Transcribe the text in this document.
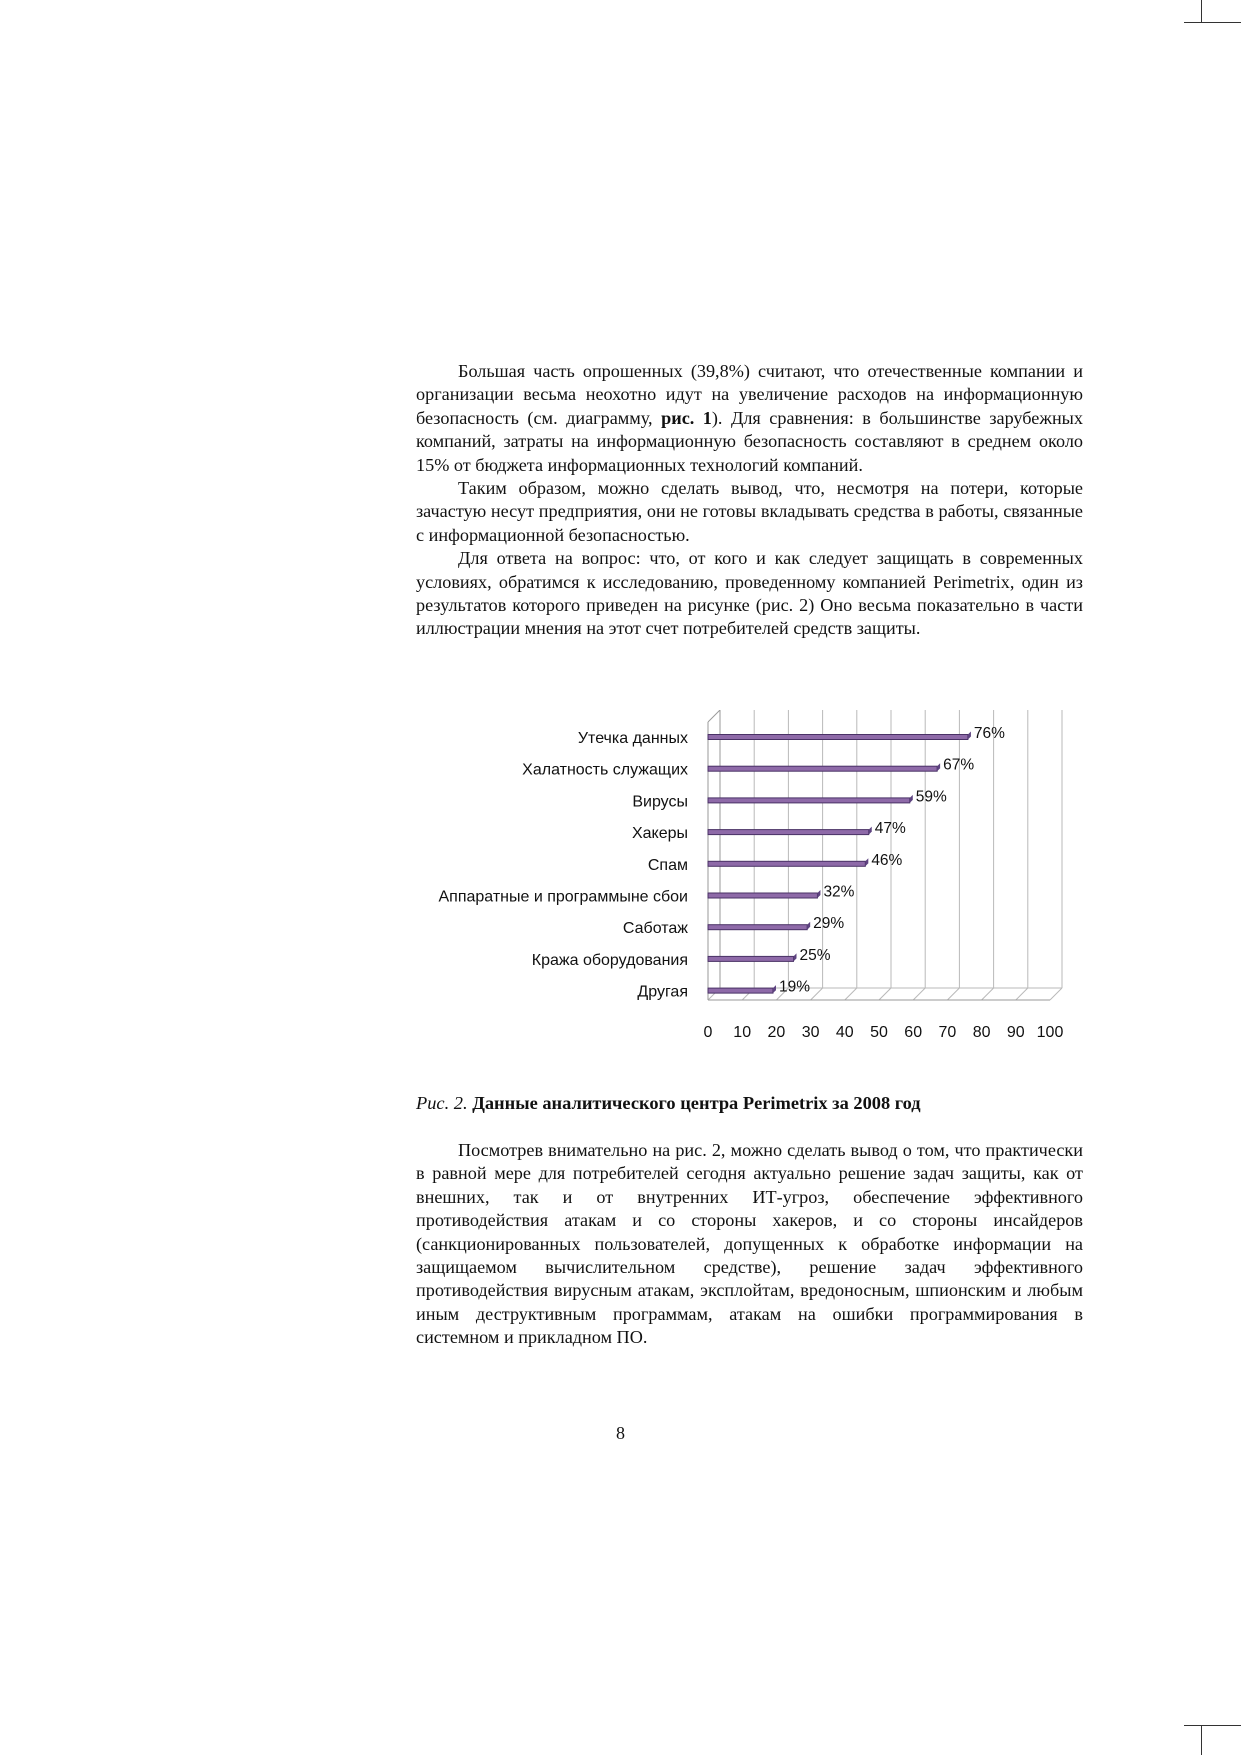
Большая часть опрошенных (39,8%) считают, что отечественные компании и организации весьма неохотно идут на увеличение расходов на информационную безопасность (см. диаграмму, рис. 1). Для сравнения: в большинстве зарубежных компаний, затраты на информационную безопасность составляют в среднем около 15% от бюджета информационных технологий компаний.

Таким образом, можно сделать вывод, что, несмотря на потери, которые зачастую несут предприятия, они не готовы вкладывать средства в работы, связанные с информационной безопасностью.

Для ответа на вопрос: что, от кого и как следует защищать в современных условиях, обратимся к исследованию, проведенному компанией Perimetrix, один из результатов которого приведен на рисунке (рис. 2) Оно весьма показательно в части иллюстрации мнения на этот счет потребителей средств защиты.

Утечка данных	76%
Халатность служащих	67%
Вирусы	59%
Хакеры	47%
Спам	46%
Аппаратные и программыне сбои	32%
Саботаж	29%
Кража оборудования	25%
Другая	19%
0 10 20 30 40 50 60 70 80 90 100
Рис. 2. Данные аналитического центра Perimetrix за 2008 год

Посмотрев внимательно на рис. 2, можно сделать вывод о том, что практически в равной мере для потребителей сегодня актуально решение задач защиты, как от внешних, так и от внутренних ИТ-угроз, обеспечение эффективного противодействия атакам и со стороны хакеров, и со стороны инсайдеров (санкционированных пользователей, допущенных к обработке информации на защищаемом вычислительном средстве), решение задач эффективного противодействия вирусным атакам, эксплойтам, вредоносным, шпионским и любым иным деструктивным программам, атакам на ошибки программирования в системном и прикладном ПО.

8
